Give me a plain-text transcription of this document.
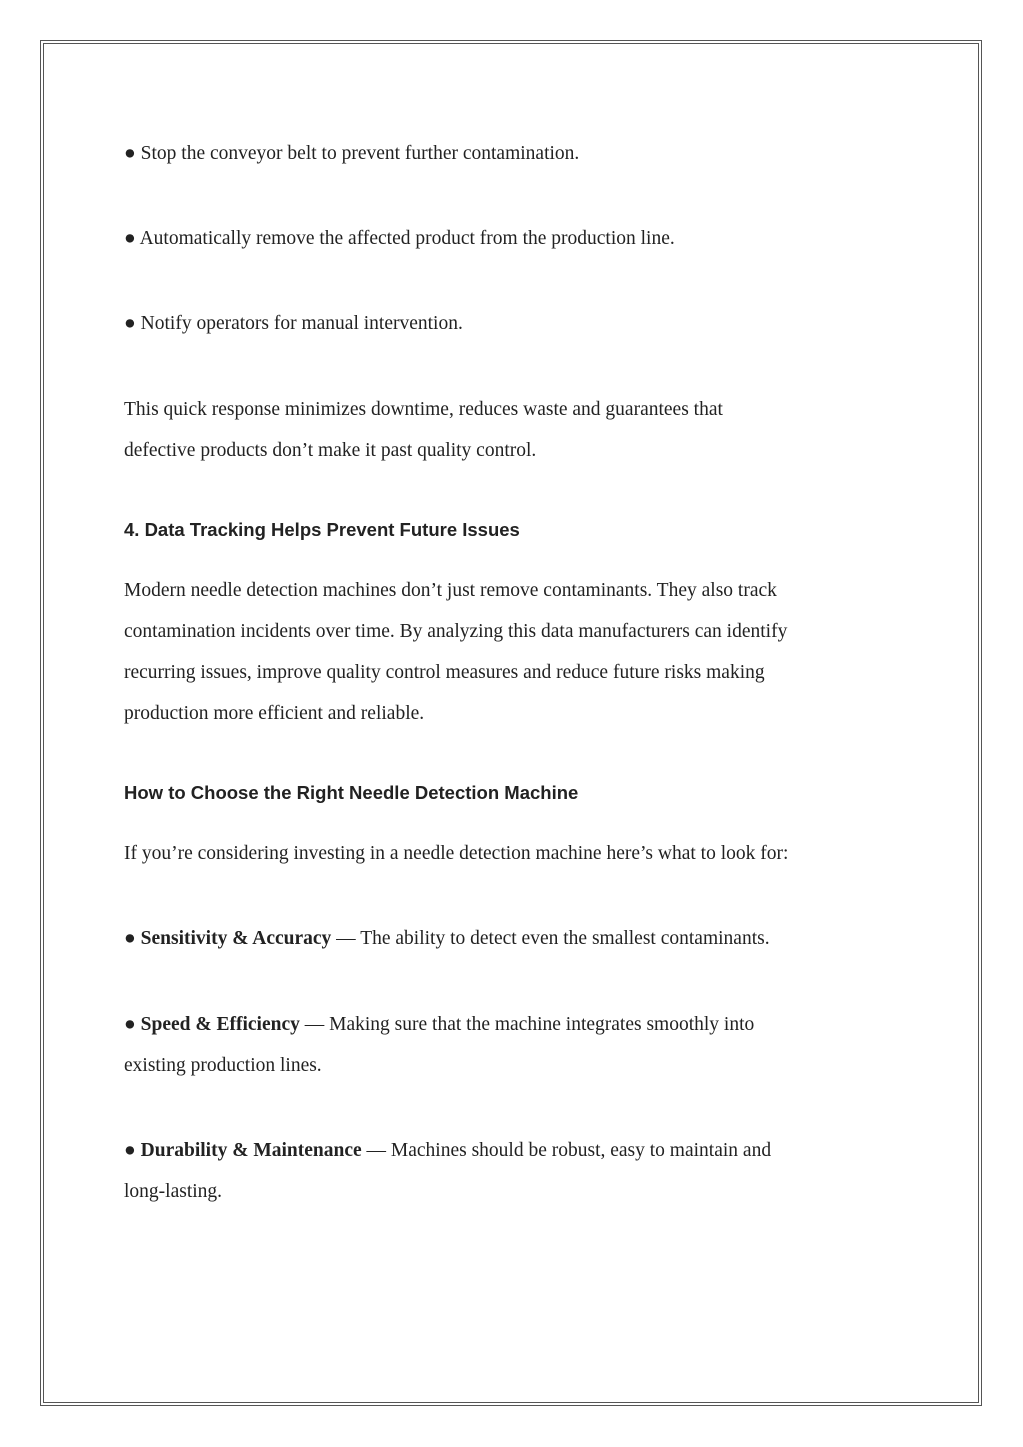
● Stop the conveyor belt to prevent further contamination.
● Automatically remove the affected product from the production line.
● Notify operators for manual intervention.
This quick response minimizes downtime, reduces waste and guarantees that
defective products don’t make it past quality control.
4. Data Tracking Helps Prevent Future Issues
Modern needle detection machines don’t just remove contaminants. They also track
contamination incidents over time. By analyzing this data manufacturers can identify
recurring issues, improve quality control measures and reduce future risks making
production more efficient and reliable.
How to Choose the Right Needle Detection Machine
If you’re considering investing in a needle detection machine here’s what to look for:
● Sensitivity & Accuracy — The ability to detect even the smallest contaminants.
● Speed & Efficiency — Making sure that the machine integrates smoothly into
existing production lines.
● Durability & Maintenance — Machines should be robust, easy to maintain and
long-lasting.
